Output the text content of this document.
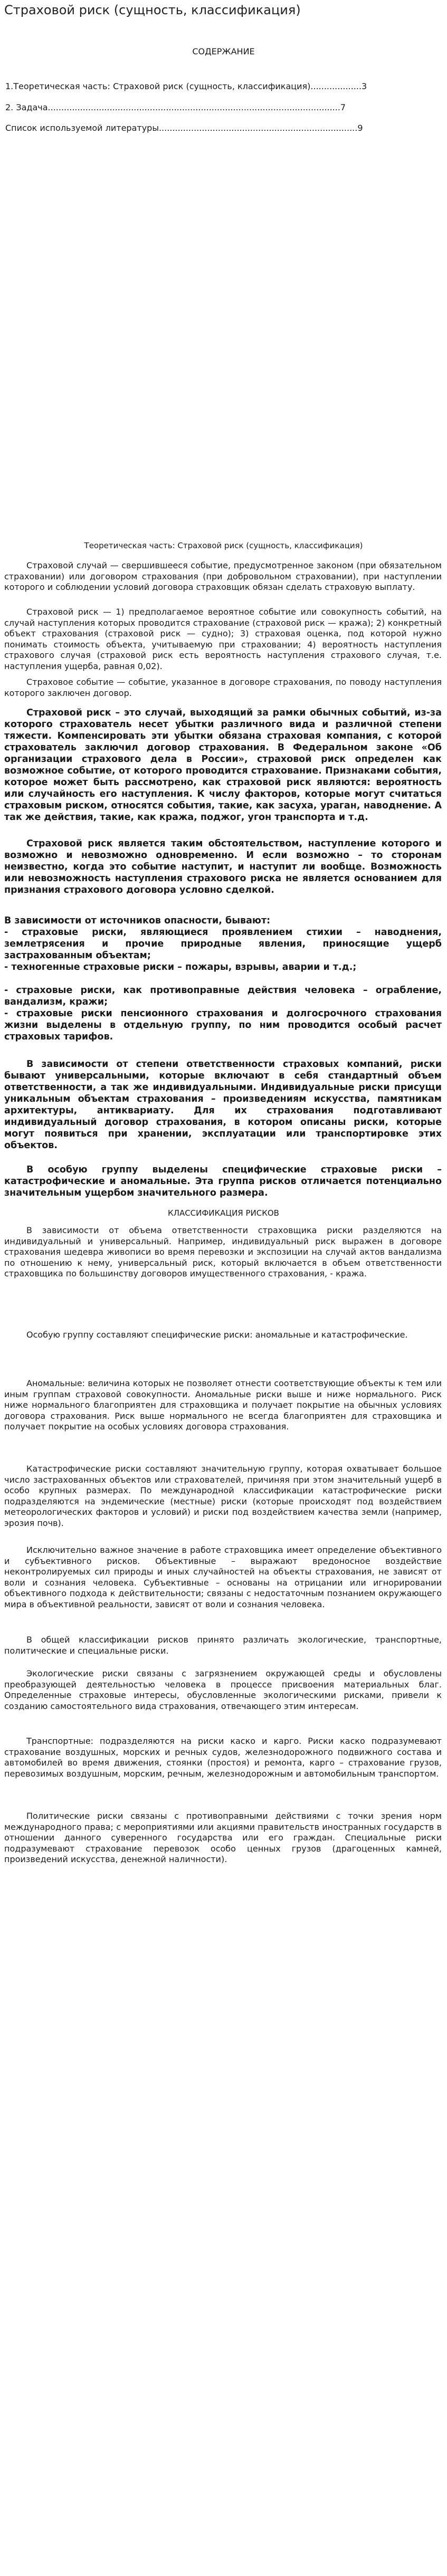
Страховой риск (сущность, классификация)
СОДЕРЖАНИЕ
1.Теоретическая часть: Страховой риск (сущность, классификация)...................3
2. Задача.............................................................................................................7
Список используемой литературы..........................................................................9
Теоретическая часть: Страховой риск (сущность, классификация)

Страховой случай — свершившееся событие, предусмотренное законом (при обязательном страховании) или договором страхования (при добровольном страховании), при наступлении которого и соблюдении условий договора страховщик обязан сделать страховую выплату.

Страховой риск — 1) предполагаемое вероятное событие или совокупность событий, на случай наступления которых проводится страхование (страховой риск — кража); 2) конкретный объект страхования (страховой риск — судно); 3) страховая оценка, под которой нужно понимать стоимость объекта, учитываемую при страховании; 4) вероятность наступления страхового случая (страховой риск есть вероятность наступления страхового случая, т.е. наступления ущерба, равная 0,02).

Страховое событие — событие, указанное в договоре страхования, по поводу наступления которого заключен договор.

Страховой риск – это случай, выходящий за рамки обычных событий, из-за которого страхователь несет убытки различного вида и различной степени тяжести. Компенсировать эти убытки обязана страховая компания, с которой страхователь заключил договор страхования. В Федеральном законе «Об организации страхового дела в России», страховой риск определен как возможное событие, от которого проводится страхование. Признаками события, которое может быть рассмотрено, как страховой риск являются: вероятность или случайность его наступления. К числу факторов, которые могут считаться страховым риском, относятся события, такие, как засуха, ураган, наводнение. А так же действия, такие, как кража, поджог, угон транспорта и т.д.

Страховой риск является таким обстоятельством, наступление которого и возможно и невозможно одновременно. И если возможно – то сторонам неизвестно, когда это событие наступит, и наступит ли вообще. Возможность или невозможность наступления страхового риска не является основанием для признания страхового договора условно сделкой.

В зависимости от источников опасности, бывают:

- страховые риски, являющиеся проявлением стихии – наводнения, землетрясения и прочие природные явления, приносящие ущерб застрахованным объектам;

- техногенные страховые риски – пожары, взрывы, аварии и т.д.;

- страховые риски, как противоправные действия человека – ограбление, вандализм, кражи;

- страховые риски пенсионного страхования и долгосрочного страхования жизни выделены в отдельную группу, по ним проводится особый расчет страховых тарифов.

В зависимости от степени ответственности страховых компаний, риски бывают универсальными, которые включают в себя стандартный объем ответственности, а так же индивидуальными. Индивидуальные риски присущи уникальным объектам страхования – произведениям искусства, памятникам архитектуры, антиквариату. Для их страхования подготавливают индивидуальный договор страхования, в котором описаны риски, которые могут появиться при хранении, эксплуатации или транспортировке этих объектов.

В особую группу выделены специфические страховые риски – катастрофические и аномальные. Эта группа рисков отличается потенциально значительным ущербом значительного размера.

КЛАССИФИКАЦИЯ РИСКОВ

В зависимости от объема ответственности страховщика риски разделяются на индивидуальный и универсальный. Например, индивидуальный риск выражен в договоре страхования шедевра живописи во время перевозки и экспозиции на случай актов вандализма по отношению к нему, универсальный риск, который включается в объем ответственности страховщика по большинству договоров имущественного страхования, - кража.

Особую группу составляют специфические риски: аномальные и катастрофические.

Аномальные: величина которых не позволяет отнести соответствующие объекты к тем или иным группам страховой совокупности. Аномальные риски выше и ниже нормального. Риск ниже нормального благоприятен для страховщика и получает покрытие на обычных условиях договора страхования. Риск выше нормального не всегда благоприятен для страховщика и получает покрытие на особых условиях договора страхования.

Катастрофические риски составляют значительную группу, которая охватывает большое число застрахованных объектов или страхователей, причиняя при этом значительный ущерб в особо крупных размерах. По международной классификации катастрофические риски подразделяются на эндемические (местные) риски (которые происходят под воздействием метеорологических факторов и условий) и риски под воздействием качества земли (например, эрозия почв).

Исключительно важное значение в работе страховщика имеет определение объективного и субъективного рисков. Объективные – выражают вредоносное воздействие неконтролируемых сил природы и иных случайностей на объекты страхования, не зависят от воли и сознания человека. Субъективные – основаны на отрицании или игнорировании объективного подхода к действительности; связаны с недостаточным познанием окружающего мира в объективной реальности, зависят от воли и сознания человека.

В общей классификации рисков принято различать экологические, транспортные, политические и специальные риски.

Экологические риски связаны с загрязнением окружающей среды и обусловлены преобразующей деятельностью человека в процессе присвоения материальных благ. Определенные страховые интересы, обусловленные экологическими рисками, привели к созданию самостоятельного вида страхования, отвечающего этим интересам.

Транспортные: подразделяются на риски каско и карго. Риски каско подразумевают страхование воздушных, морских и речных судов, железнодорожного подвижного состава и автомобилей во время движения, стоянки (простоя) и ремонта, карго – страхование грузов, перевозимых воздушным, морским, речным, железнодорожным и автомобильным транспортом.

Политические риски связаны с противоправными действиями с точки зрения норм международного права; с мероприятиями или акциями правительств иностранных государств в отношении данного суверенного государства или его граждан. Специальные риски подразумевают страхование перевозок особо ценных грузов (драгоценных камней, произведений искусства, денежной наличности).
